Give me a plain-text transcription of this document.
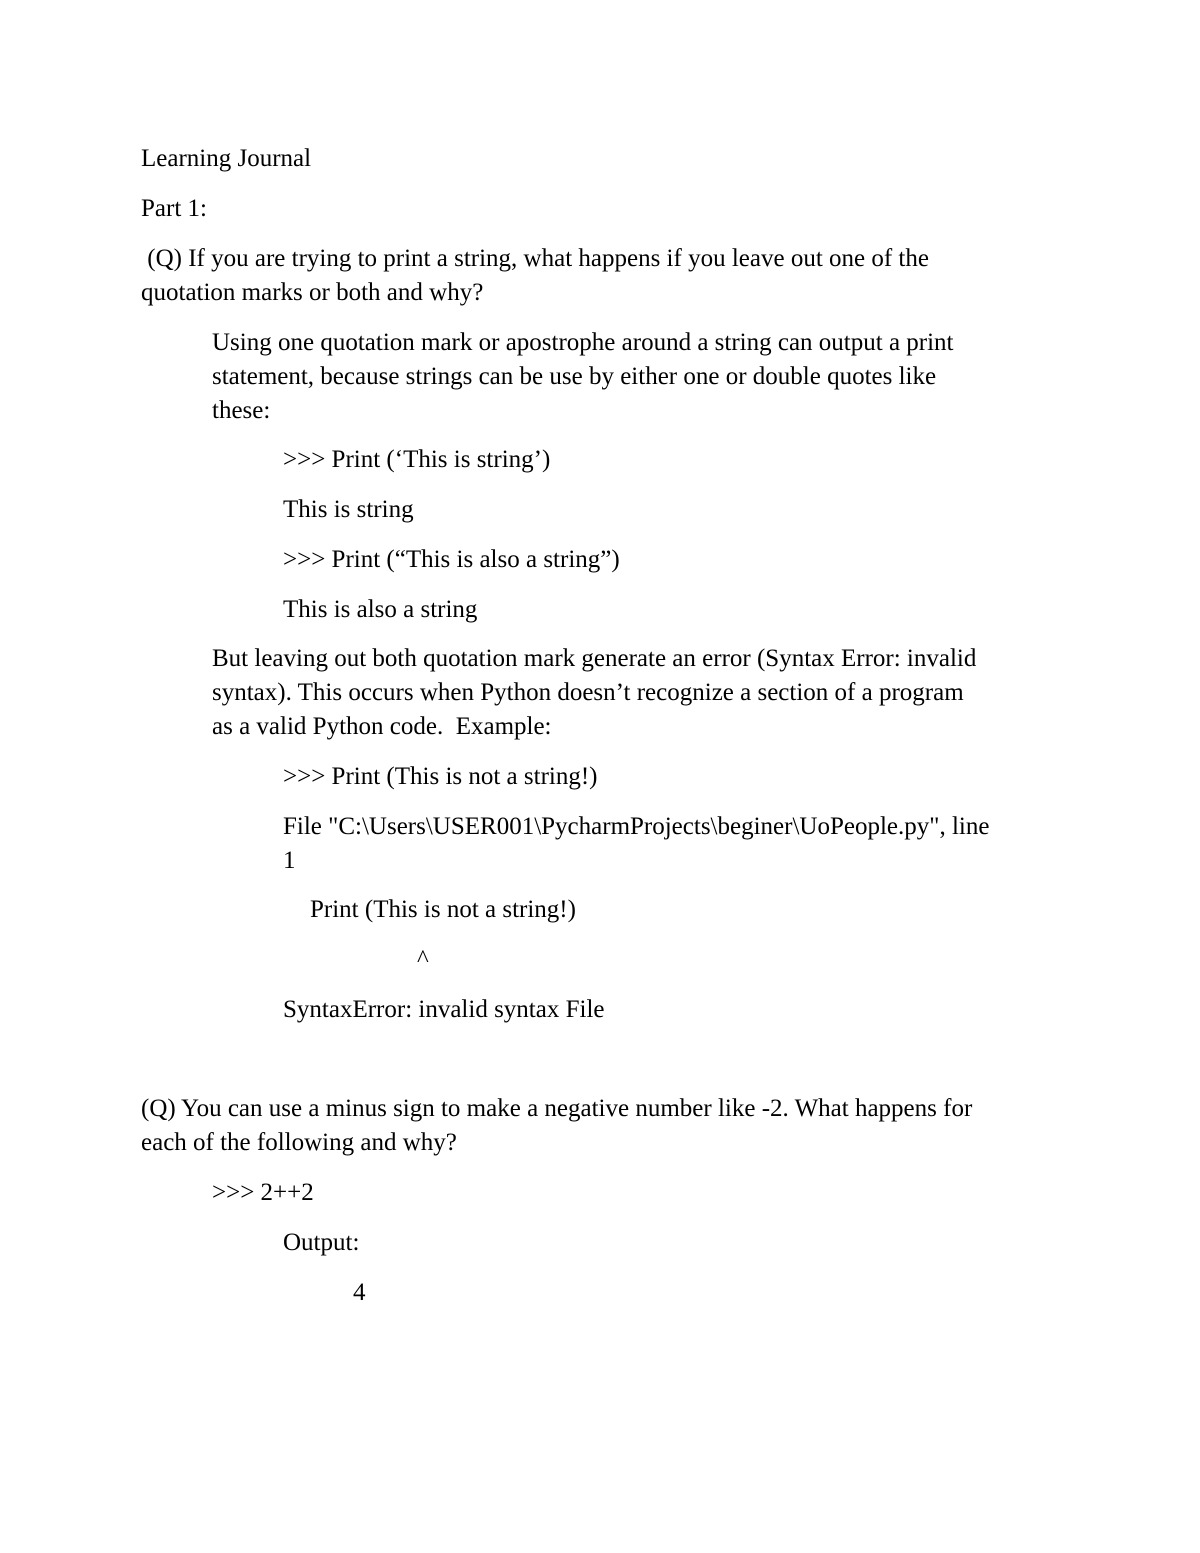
Learning Journal

Part 1:

(Q) If you are trying to print a string, what happens if you leave out one of the

quotation marks or both and why?

Using one quotation mark or apostrophe around a string can output a print

statement, because strings can be use by either one or double quotes like

these:

>>> Print (‘This is string’)

This is string

>>> Print (“This is also a string”)

This is also a string

But leaving out both quotation mark generate an error (Syntax Error: invalid

syntax). This occurs when Python doesn’t recognize a section of a program

as a valid Python code.  Example:

>>> Print (This is not a string!)

File "C:\Users\USER001\PycharmProjects\beginer\UoPeople.py", line

1

Print (This is not a string!)

^

SyntaxError: invalid syntax File

(Q) You can use a minus sign to make a negative number like -2. What happens for

each of the following and why?

>>> 2++2

Output:

4
